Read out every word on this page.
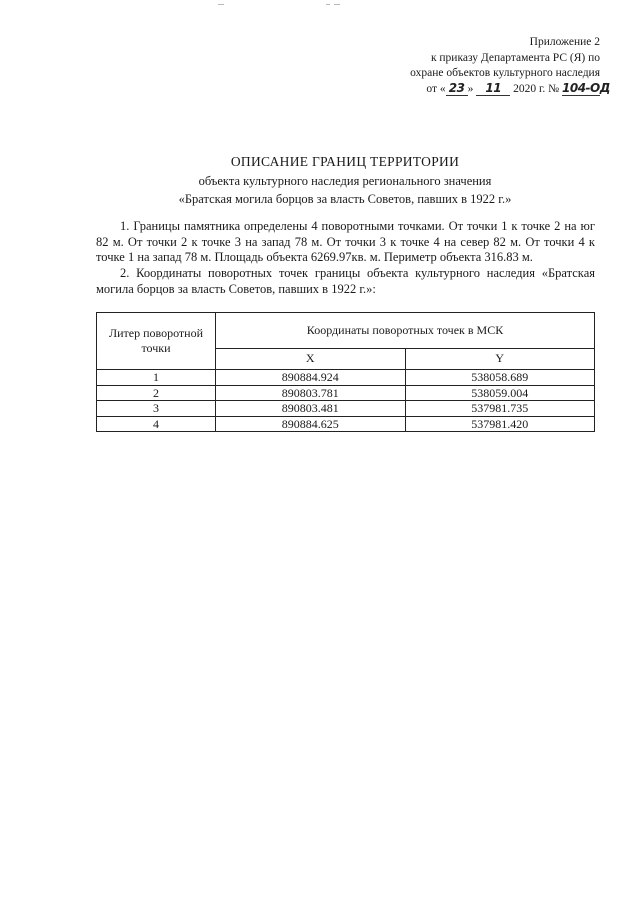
Приложение 2
к приказу Департамента РС (Я) по
охране объектов культурного наследия
от « 23 » 11 2020 г. № 104-ОД
ОПИСАНИЕ ГРАНИЦ ТЕРРИТОРИИ
объекта культурного наследия регионального значения
«Братская могила борцов за власть Советов, павших в 1922 г.»

1. Границы памятника определены 4 поворотными точками. От точки 1 к точке 2 на юг 82 м. От точки 2 к точке 3 на запад 78 м. От точки 3 к точке 4 на север 82 м. От точки 4 к точке 1 на запад 78 м. Площадь объекта 6269.97кв. м. Периметр объекта 316.83 м.

2. Координаты поворотных точек границы объекта культурного наследия «Братская могила борцов за власть Советов, павших в 1922 г.»:

Литер поворотной точки	Координаты поворотных точек в МСК	
	X	Y
1	890884.924	538058.689
2	890803.781	538059.004
3	890803.481	537981.735
4	890884.625	537981.420
